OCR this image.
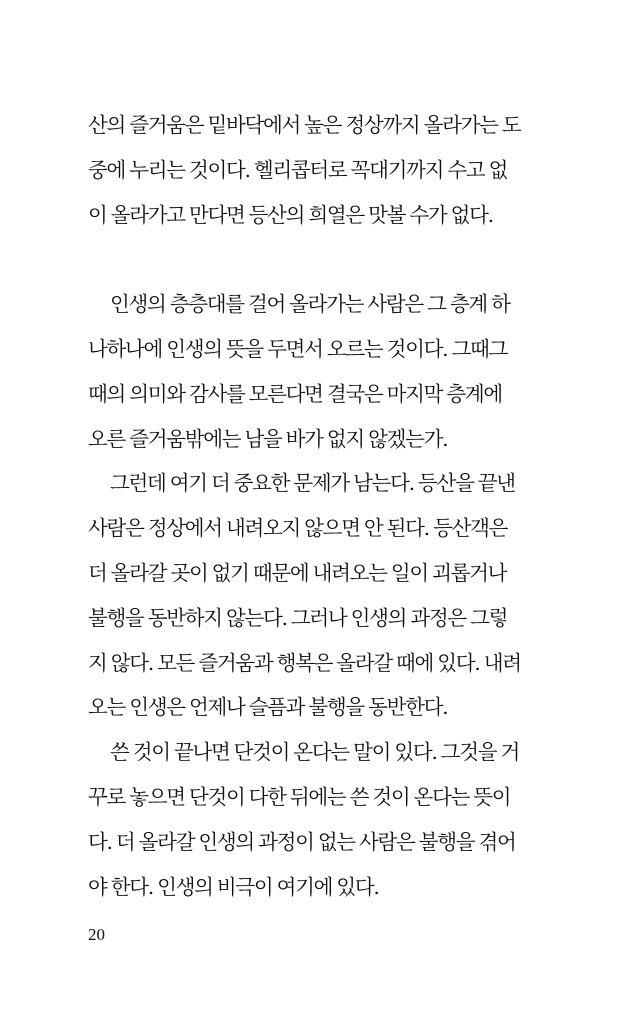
산의 즐거움은 밑바닥에서 높은 정상까지 올라가는 도
중에 누리는 것이다. 헬리콥터로 꼭대기까지 수고 없
이 올라가고 만다면 등산의 희열은 맛볼 수가 없다.
인생의 층층대를 걸어 올라가는 사람은 그 층계 하
나하나에 인생의 뜻을 두면서 오르는 것이다. 그때그
때의 의미와 감사를 모른다면 결국은 마지막 층계에
오른 즐거움밖에는 남을 바가 없지 않겠는가.
그런데 여기 더 중요한 문제가 남는다. 등산을 끝낸
사람은 정상에서 내려오지 않으면 안 된다. 등산객은
더 올라갈 곳이 없기 때문에 내려오는 일이 괴롭거나
불행을 동반하지 않는다. 그러나 인생의 과정은 그렇
지 않다. 모든 즐거움과 행복은 올라갈 때에 있다. 내려
오는 인생은 언제나 슬픔과 불행을 동반한다.
쓴 것이 끝나면 단것이 온다는 말이 있다. 그것을 거
꾸로 놓으면 단것이 다한 뒤에는 쓴 것이 온다는 뜻이
다. 더 올라갈 인생의 과정이 없는 사람은 불행을 겪어
야 한다. 인생의 비극이 여기에 있다.
20
